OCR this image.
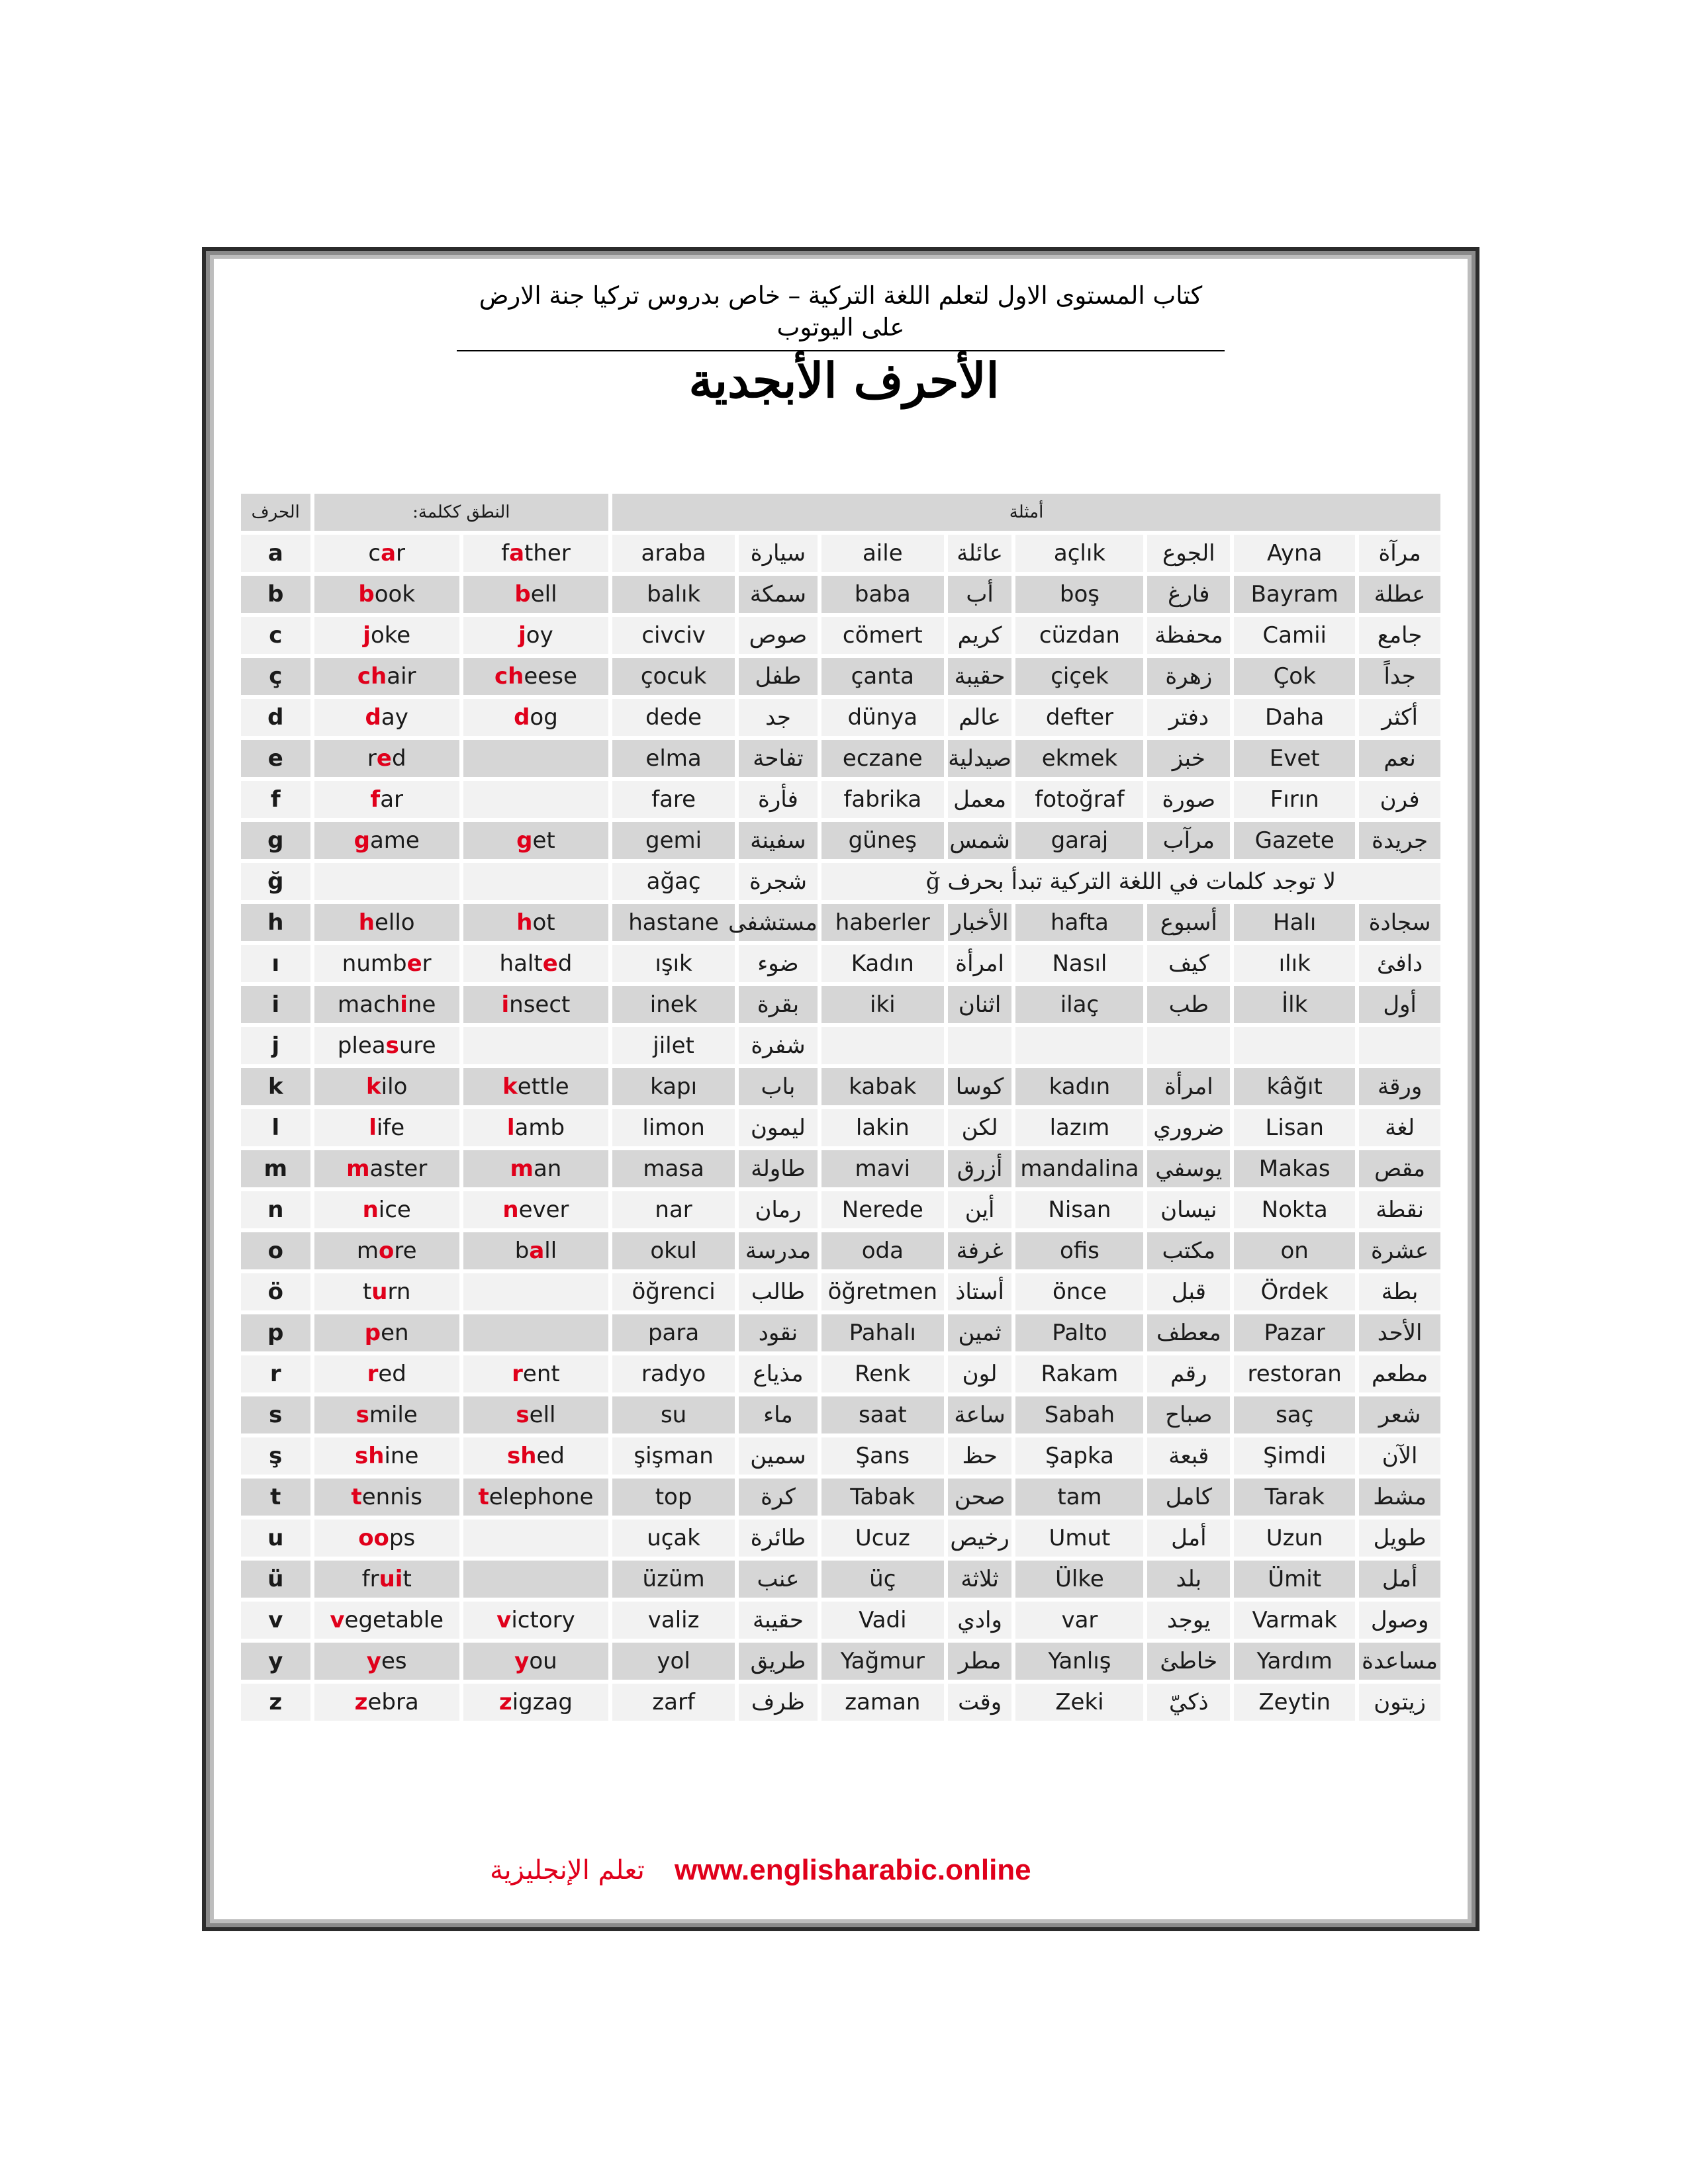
كتاب المستوى الاول لتعلم اللغة التركية – خاص بدروس تركيا جنة الارض على اليوتوب
الأحرف الأبجدية
الحرف	النطق ككلمة:		أمثلة							
a	car	father	araba	سيارة	aile	عائلة	açlık	الجوع	Ayna	مرآة
b	book	bell	balık	سمكة	baba	أب	boş	فارغ	Bayram	عطلة
c	joke	joy	civciv	صوص	cömert	كريم	cüzdan	محفظة	Camii	جامع
ç	chair	cheese	çocuk	طفل	çanta	حقيبة	çiçek	زهرة	Çok	جداً
d	day	dog	dede	جد	dünya	عالم	defter	دفتر	Daha	أكثر
e	red		elma	تفاحة	eczane	صيدلية	ekmek	خبز	Evet	نعم
f	far		fare	فأرة	fabrika	معمل	fotoğraf	صورة	Fırın	فرن
g	game	get	gemi	سفينة	güneş	شمس	garaj	مرآب	Gazete	جريدة
ğ			ağaç	شجرة	لا توجد كلمات في اللغة التركية تبدأ بحرف ğ					
h	hello	hot	hastane	مستشفى	haberler	الأخبار	hafta	أسبوع	Halı	سجادة
ı	number	halted	ışık	ضوء	Kadın	امرأة	Nasıl	كيف	ılık	دافئ
i	machine	insect	inek	بقرة	iki	اثنان	ilaç	طب	İlk	أول
j	pleasure		jilet	شفرة						
k	kilo	kettle	kapı	باب	kabak	كوسا	kadın	امرأة	kâğıt	ورقة
l	life	lamb	limon	ليمون	lakin	لكن	lazım	ضروري	Lisan	لغة
m	master	man	masa	طاولة	mavi	أزرق	mandalina	يوسفي	Makas	مقص
n	nice	never	nar	رمان	Nerede	أين	Nisan	نيسان	Nokta	نقطة
o	more	ball	okul	مدرسة	oda	غرفة	ofis	مكتب	on	عشرة
ö	turn		öğrenci	طالب	öğretmen	أستاذ	önce	قبل	Ördek	بطة
p	pen		para	نقود	Pahalı	ثمين	Palto	معطف	Pazar	الأحد
r	red	rent	radyo	مذياع	Renk	لون	Rakam	رقم	restoran	مطعم
s	smile	sell	su	ماء	saat	ساعة	Sabah	صباح	saç	شعر
ş	shine	shed	şişman	سمين	Şans	حظ	Şapka	قبعة	Şimdi	الآن
t	tennis	telephone	top	كرة	Tabak	صحن	tam	كامل	Tarak	مشط
u	oops		uçak	طائرة	Ucuz	رخيص	Umut	أمل	Uzun	طويل
ü	fruit		üzüm	عنب	üç	ثلاثة	Ülke	بلد	Ümit	أمل
v	vegetable	victory	valiz	حقيبة	Vadi	وادي	var	يوجد	Varmak	وصول
y	yes	you	yol	طريق	Yağmur	مطر	Yanlış	خاطئ	Yardım	مساعدة
z	zebra	zigzag	zarf	ظرف	zaman	وقت	Zeki	ذكيّ	Zeytin	زيتون
تعلم الإنجليزية www.englisharabic.online
